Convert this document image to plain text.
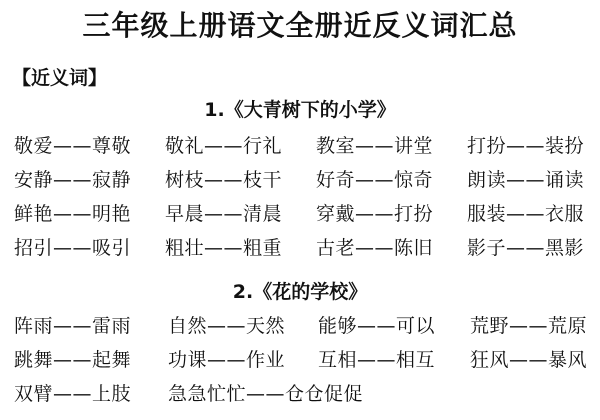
三年级上册语文全册近反义词汇总
【近义词】
1.《大青树下的小学》
敬爱——尊敬 敬礼——行礼 教室——讲堂 打扮——装扮
安静——寂静 树枝——枝干 好奇——惊奇 朗读——诵读
鲜艳——明艳 早晨——清晨 穿戴——打扮 服装——衣服
招引——吸引 粗壮——粗重 古老——陈旧 影子——黑影
2.《花的学校》
阵雨——雷雨 自然——天然 能够——可以 荒野——荒原
跳舞——起舞 功课——作业 互相——相互 狂风——暴风
双臂——上肢 急急忙忙——仓仓促促
